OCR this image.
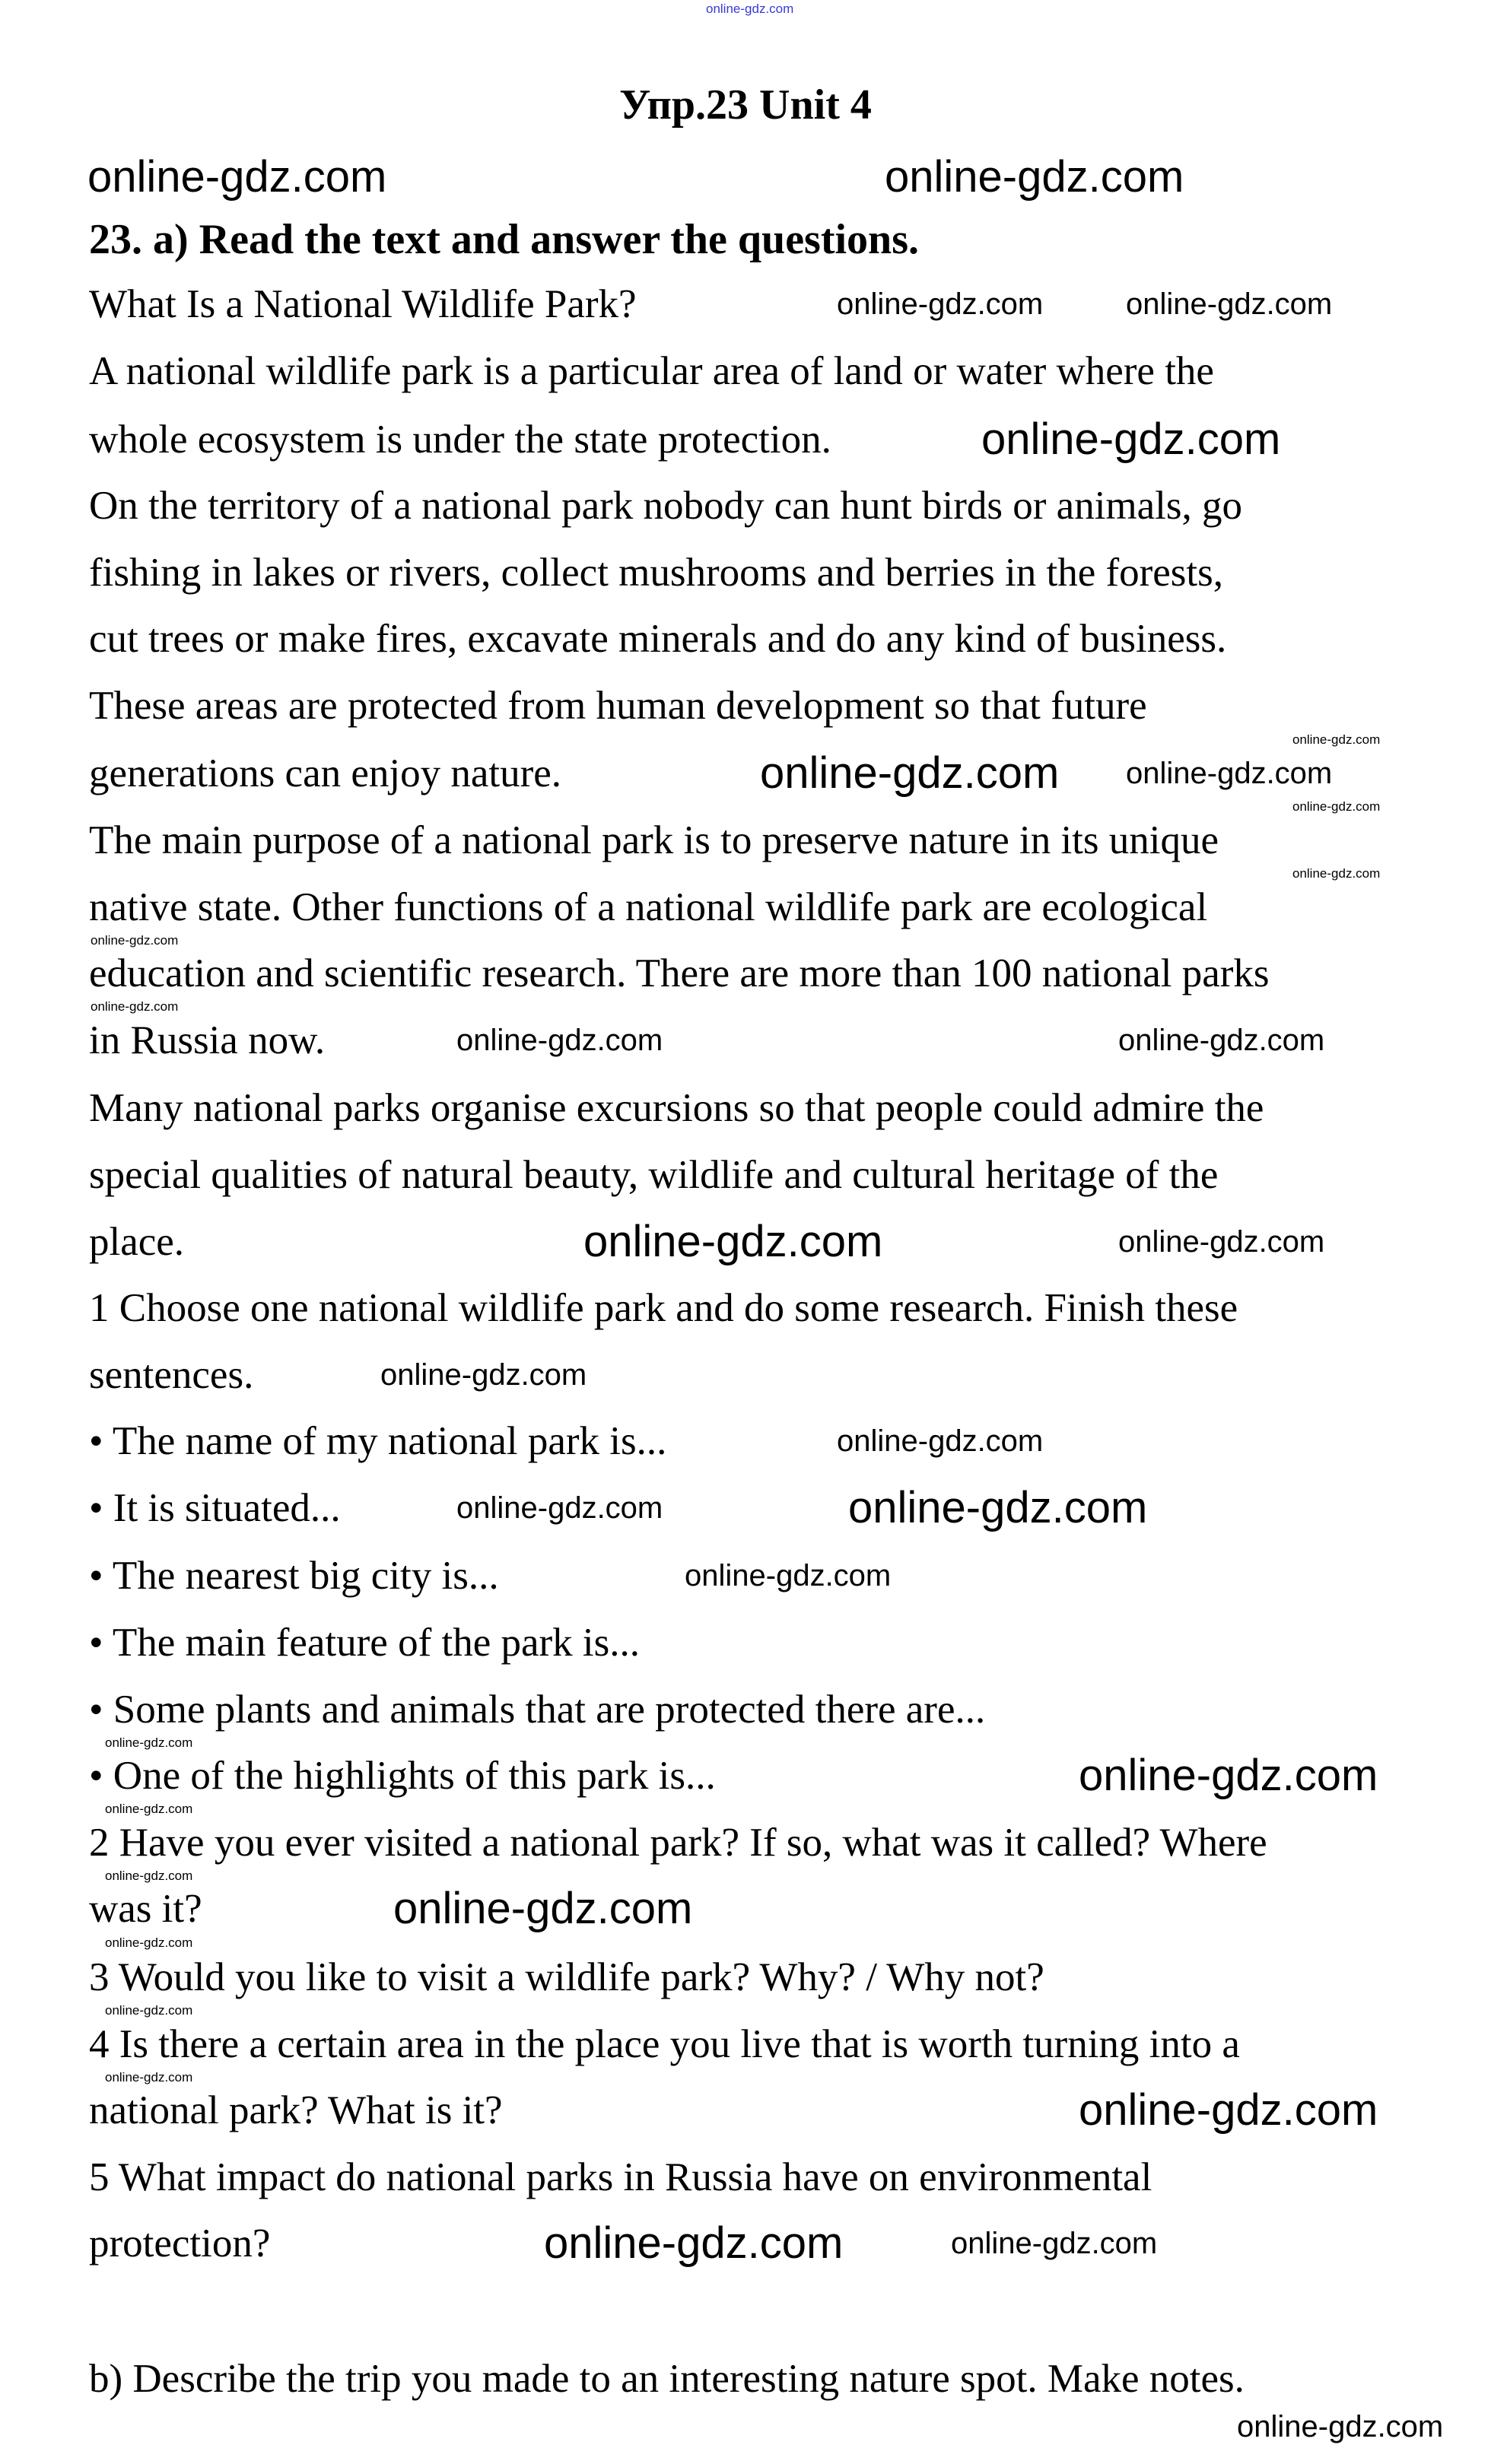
online-gdz.com
Упр.23 Unit 4
23. a) Read the text and answer the questions.
What Is a National Wildlife Park?
A national wildlife park is a particular area of land or water where the
whole ecosystem is under the state protection.
On the territory of a national park nobody can hunt birds or animals, go
fishing in lakes or rivers, collect mushrooms and berries in the forests,
cut trees or make fires, excavate minerals and do any kind of business.
These areas are protected from human development so that future
generations can enjoy nature.
The main purpose of a national park is to preserve nature in its unique
native state. Other functions of a national wildlife park are ecological
education and scientific research. There are more than 100 national parks
in Russia now.
Many national parks organise excursions so that people could admire the
special qualities of natural beauty, wildlife and cultural heritage of the
place.
1 Choose one national wildlife park and do some research. Finish these
sentences.
• The name of my national park is...
• It is situated...
• The nearest big city is...
• The main feature of the park is...
• Some plants and animals that are protected there are...
• One of the highlights of this park is...
2 Have you ever visited a national park? If so, what was it called? Where
was it?
3 Would you like to visit a wildlife park? Why? / Why not?
4 Is there a certain area in the place you live that is worth turning into a
national park? What is it?
5 What impact do national parks in Russia have on environmental
protection?
b) Describe the trip you made to an interesting nature spot. Make notes.
online-gdz.com	online-gdz.com
online-gdz.com
online-gdz.com
online-gdz.com
online-gdz.com
online-gdz.com
online-gdz.com
online-gdz.com
online-gdz.com
online-gdz.com	online-gdz.com
online-gdz.com
online-gdz.com	online-gdz.com
online-gdz.com
online-gdz.com
online-gdz.com
online-gdz.com
online-gdz.com
online-gdz.com
online-gdz.com
online-gdz.com
online-gdz.com
online-gdz.com
online-gdz.com
online-gdz.com
online-gdz.com
online-gdz.com
online-gdz.com
online-gdz.com
online-gdz.com
online-gdz.com
